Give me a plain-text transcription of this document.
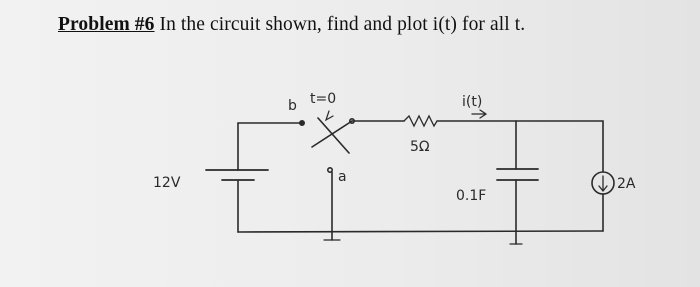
Problem #6 In the circuit shown, find and plot i(t) for all t.
12V
t=0
b
a
5Ω
i(t)
0.1F
2A
